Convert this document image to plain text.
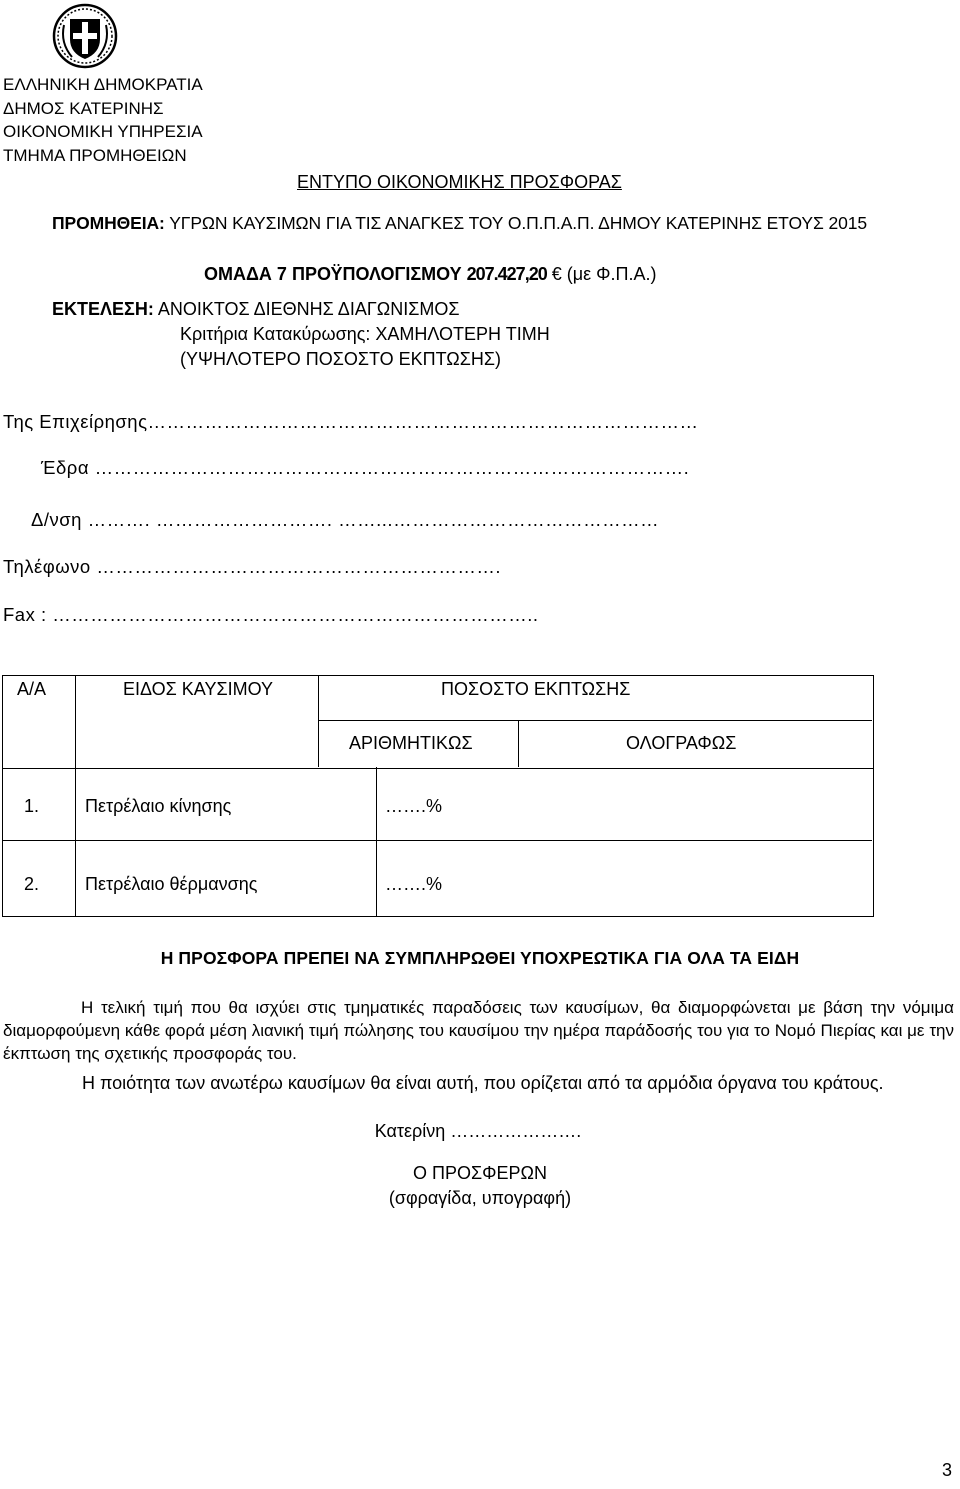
ΕΛΛΗΝΙΚΗ ΔΗΜΟΚΡΑΤΙΑ
ΔΗΜΟΣ ΚΑΤΕΡΙΝΗΣ
ΟΙΚΟΝΟΜΙΚΗ ΥΠΗΡΕΣΙΑ
ΤΜΗΜΑ ΠΡΟΜΗΘΕΙΩΝ
ΕΝΤΥΠΟ ΟΙΚΟΝΟΜΙΚΗΣ ΠΡΟΣΦΟΡΑΣ
ΠΡΟΜΗΘΕΙΑ: ΥΓΡΩΝ ΚΑΥΣΙΜΩΝ ΓΙΑ ΤΙΣ ΑΝΑΓΚΕΣ ΤΟΥ Ο.Π.Π.Α.Π. ΔΗΜΟΥ ΚΑΤΕΡΙΝΗΣ ΕΤΟΥΣ 2015
ΟΜΑΔΑ 7 ΠΡΟΫΠΟΛΟΓΙΣΜΟΥ 207.427,20 € (με Φ.Π.Α.)
ΕΚΤΕΛΕΣΗ: ΑΝΟΙΚΤΟΣ ΔΙΕΘΝΗΣ ΔΙΑΓΩΝΙΣΜΟΣ
Κριτήρια Κατακύρωσης: ΧΑΜΗΛΟΤΕΡΗ ΤΙΜΗ
(ΥΨΗΛΟΤΕΡΟ ΠΟΣΟΣΤΟ ΕΚΠΤΩΣΗΣ)
Της Επιχείρησης……………………………………………………………………………
Έδρα ………………………………………………………………………………….
Δ/νση ………. ………………………. ……...……………………………………
Τηλέφωνο ……………………………………………………….
Fax : …………………………………………………………………..
Α/Α	ΕΙΔΟΣ ΚΑΥΣΙΜΟΥ	ΠΟΣΟΣΤΟ ΕΚΠΤΩΣΗΣ
ΑΡΙΘΜΗΤΙΚΩΣ	ΟΛΟΓΡΑΦΩΣ
1.	Πετρέλαιο κίνησης	…….%
2.	Πετρέλαιο θέρμανσης	…….%
Η ΠΡΟΣΦΟΡΑ ΠΡΕΠΕΙ ΝΑ ΣΥΜΠΛΗΡΩΘΕΙ ΥΠΟΧΡΕΩΤΙΚΑ ΓΙΑ ΟΛΑ ΤΑ ΕΙΔΗ

Η τελική τιμή που θα ισχύει στις τμηματικές παραδόσεις των καυσίμων, θα διαμορφώνεται με βάση την νόμιμα διαμορφούμενη κάθε φορά μέση λιανική τιμή πώλησης του καυσίμου την ημέρα παράδοσής του για το Νομό Πιερίας και με την έκπτωση της σχετικής προσφοράς του.

Η ποιότητα των ανωτέρω καυσίμων θα είναι αυτή, που ορίζεται από τα αρμόδια όργανα του κράτους.

Κατερίνη ………………….
Ο ΠΡΟΣΦΕΡΩΝ
(σφραγίδα, υπογραφή)
3
